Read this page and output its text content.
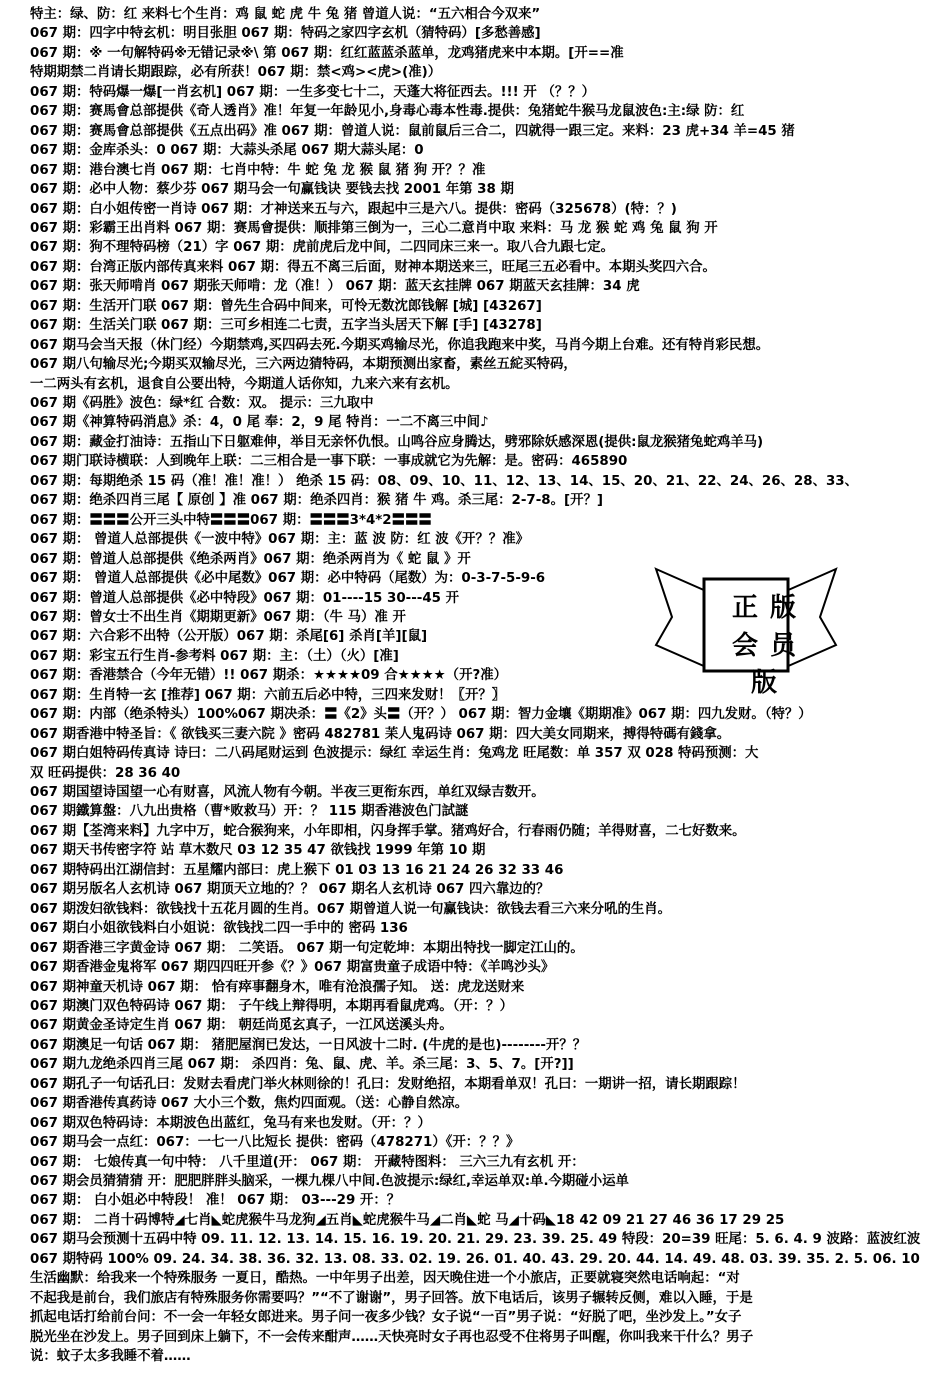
特主：绿、防：红 来料七个生肖：鸡 鼠 蛇 虎 牛 兔 猪 曾道人说：“五六相合今双来”
067 期：四字中特玄机：明目张胆 067 期：特码之家四字玄机（猜特码）[多愁善感]
067 期：※ 一句解特码※无错记录※\ 第 067 期：红红蓝蓝杀蓝单，龙鸡猪虎来中本期。[开==准
特期期禁二肖请长期跟踪，必有所获！067 期：禁<鸡><虎>(准)）
067 期：特码爆一爆[一肖玄机] 067 期：一生多变七十二，天蓬大将征西去。!!! 开 （？？）
067 期：赛馬會总部提供《奇人透肖》准！年复一年龄见小,身毒心毒本性毒.提供：兔猪蛇牛猴马龙鼠波色:主:绿 防：红
067 期：赛馬會总部提供《五点出码》准 067 期：曾道人说：鼠前鼠后三合二，四就得一跟三定。来料：23 虎+34 羊=45 猪
067 期：金库杀头：0 067 期：大蒜头杀尾 067 期大蒜头尾：0
067 期：港台澳七肖 067 期：七肖中特：牛 蛇 兔 龙 猴 鼠 猪 狗 开？？准
067 期：必中人物：蔡少芬 067 期马会一句赢钱诀 要钱去找 2001 年第 38 期
067 期：白小姐传密一肖诗 067 期：才神送来五与六，跟起中三是六八。提供：密码（325678）(特：？)
067 期：彩霸王出肖料 067 期：赛馬會提供：顺排第三倒为一，三心二意肖中取 来料：马 龙 猴 蛇 鸡 兔 鼠 狗 开
067 期：狗不理特码榜（21）字 067 期：虎前虎后龙中间，二四同床三来一。取八合九跟七定。
067 期：台湾正版内部传真来料 067 期：得五不离三后面，财神本期送来三，旺尾三五必看中。本期头奖四六合。
067 期：张天师啃肖 067 期张天师啃：龙（准！） 067 期：蓝天玄挂牌 067 期蓝天玄挂牌：34 虎
067 期：生活开门联 067 期：曾先生合码中间来，可怜无数沈郎钱解 [城] [43267]
067 期：生活关门联 067 期：三可乡相连二七责，五字当头居天下解 [手] [43278]
067 期马会当天报（休门经）今期禁鸡,买四码去死.今期买鸡输尽光，你追我跑来中奖，马肖今期上台难。还有特肖彩民想。
067 期八句输尽光;今期买双输尽光，三六两边猜特码，本期预测出家畜，素丝五紽买特码，
一二两头有玄机，退食自公要出特，今期道人话你知，九来六来有玄机。
067 期《码胜》波色：绿*红 合数：双。 提示：三九取中
067 期《神算特码消息》杀：4，0 尾 奉：2，9 尾 特肖：一二不离三中间♪
067 期：藏金打油诗：五指山下日躯难伸，举目无亲怀仇恨。山鸣谷应身腾达，劈邪除妖感深恩(提供:鼠龙猴猪兔蛇鸡羊马)
067 期门联诗横联：人到晚年上联：二三相合是一事下联：一事成就它为先解：是。密码：465890
067 期：每期绝杀 15 码（准！准！准！） 绝杀 15 码：08、09、10、11、12、13、14、15、20、21、22、24、26、28、33、
067 期：绝杀四肖三尾【 原创 】准 067 期：绝杀四肖：猴 猪 牛 鸡。杀三尾：2-7-8。[开？]
067 期：〓〓〓公开三头中特〓〓〓067 期：〓〓〓3*4*2〓〓〓
067 期： 曾道人总部提供《一波中特》067 期：主：蓝 波 防：红 波《开？？准》
067 期：曾道人总部提供《绝杀两肖》067 期：绝杀两肖为《 蛇 鼠 》开
067 期： 曾道人总部提供《必中尾数》067 期：必中特码（尾数）为：0-3-7-5-9-6
067 期：曾道人总部提供《必中特段》067 期：01----15 30---45 开
067 期：曾女士不出生肖《期期更新》067 期：（牛 马）准 开
067 期：六合彩不出特（公开版）067 期：杀尾[6] 杀肖[羊][鼠]
067 期：彩宝五行生肖-参考料 067 期：主：（土）（火）[准]
067 期：香港禁合（今年无错）!! 067 期杀：★★★★09 合★★★★（开?准）
067 期：生肖特一玄 [推荐] 067 期：六前五后必中特，三四来发财！〖开？〗
067 期：内部（绝杀特头）100%067 期决杀：〓《2》头〓（开？） 067 期：智力金壤《期期准》067 期：四九发财。（特？）
067 期香港中特圣旨：《 欲钱买三妻六院 》密码 482781 苿人鬼码诗 067 期：四大美女同期来，搏得特碼有錢拿。
067 期白姐特码传真诗 诗曰：二八码尾财运到 色波提示：绿红 幸运生肖：兔鸡龙 旺尾数：单 357 双 028 特码预测：大
双 旺码提供：28 36 40
067 期国望诗国望一心有财喜，风流人物有今朝。半夜三更衔东西，单红双绿吉数开。
067 期鐵算盤：八九出贵格（曹*败救马）开：？ 115 期香港波色门試謎
067 期【荃湾来料】九字中万，蛇合猴狗来，小年即相，闪身挥手掌。猪鸡好合，行春雨仍随；羊得财喜，二七好数来。
067 期天书传密字符 站 草木数尺 03 12 35 47 欲钱找 1999 年第 10 期
067 期特码出江湖信封：五星耀内部曰：虎上猴下 01 03 13 16 21 24 26 32 33 46
067 期另版名人玄机诗 067 期顶天立地的？？ 067 期名人玄机诗 067 四六靠边的？
067 期泼妇欲钱料：欲钱找十五花月圆的生肖。067 期曾道人说一句赢钱诀：欲钱去看三六来分吼的生肖。
067 期白小姐欲钱料白小姐说：欲钱找二四一手中的 密码 136
067 期香港三字黄金诗 067 期： 二笑语。 067 期一句定乾坤：本期出特找一脚定江山的。
067 期香港金鬼将军 067 期四四旺开参《？》067 期富贵童子成语中特：《羊鸣沙头》
067 期神童天机诗 067 期： 恰有瘁事翻身木，唯有沧浪孺子知。 送：虎龙送财来
067 期澳门双色特码诗 067 期： 子午线上辩得明，本期再看鼠虎鸡。（开：？）
067 期黄金圣诗定生肖 067 期： 朝廷尚觅玄真子，一江风送溪头舟。
067 期澳足一句话 067 期： 猪肥屋润已发达，一日风波十二时. (牛虎的是也)--------开？？
067 期九龙绝杀四肖三尾 067 期： 杀四肖：兔、鼠、虎、羊。杀三尾：3、5、7。[开?]]
067 期孔子一句话孔曰：发财去看虎门举火林则徐的！孔曰：发财绝招，本期看单双！孔曰：一期讲一招，请长期跟踪！
067 期香港传真药诗 067 大小三个数，焦灼四面观。（送：心静自然凉。
067 期双色特码诗：本期波色出蓝红，兔马有来也发财。（开：？）
067 期马会一点红：067：一七一八比短长 提供：密码（478271）《开：？？》
067 期： 七娘传真一句中特： 八千里道(开： 067 期： 开藏特图料： 三六三九有玄机 开：
067 期会员猜猜猜 开：肥肥胖胖头脑采，一棵九棵八中间.色波提示:绿红,幸运单双:单.今期碰小运单
067 期： 白小姐必中特段！ 准！ 067 期： 03---29 开：？
067 期： 二肖十码博特◢七肖◣蛇虎猴牛马龙狗◢五肖◣蛇虎猴牛马◢二肖◣蛇 马◢十码◣18 42 09 21 27 46 36 17 29 25
067 期马会预测十五码中特 09. 11. 12. 13. 14. 15. 16. 19. 20. 21. 29. 23. 39. 25. 49 特段：20=39 旺尾：5. 6. 4. 9 波路：蓝波红波
067 期特码 100% 09. 24. 34. 38. 36. 32. 13. 08. 33. 02. 19. 26. 01. 40. 43. 29. 20. 44. 14. 49. 48. 03. 39. 35. 2. 5. 06. 10
生活幽默：给我来一个特殊服务 一夏日，酷热。一中年男子出差，因天晚住进一个小旅店，正要就寝突然电话响起：“对
不起我是前台，我们旅店有特殊服务你需要吗？”“不了谢谢”，男子回答。放下电话后，该男子辗转反侧，难以入睡，于是
抓起电话打给前台问：不一会一年轻女郎进来。男子问一夜多少钱？女子说“一百”男子说：“好脱了吧，坐沙发上。”女子
脱光坐在沙发上。男子回到床上躺下，不一会传来酣声……天快亮时女子再也忍受不住将男子叫醒，你叫我来干什么？男子
说：蚊子太多我睡不着……
正版
会员版
